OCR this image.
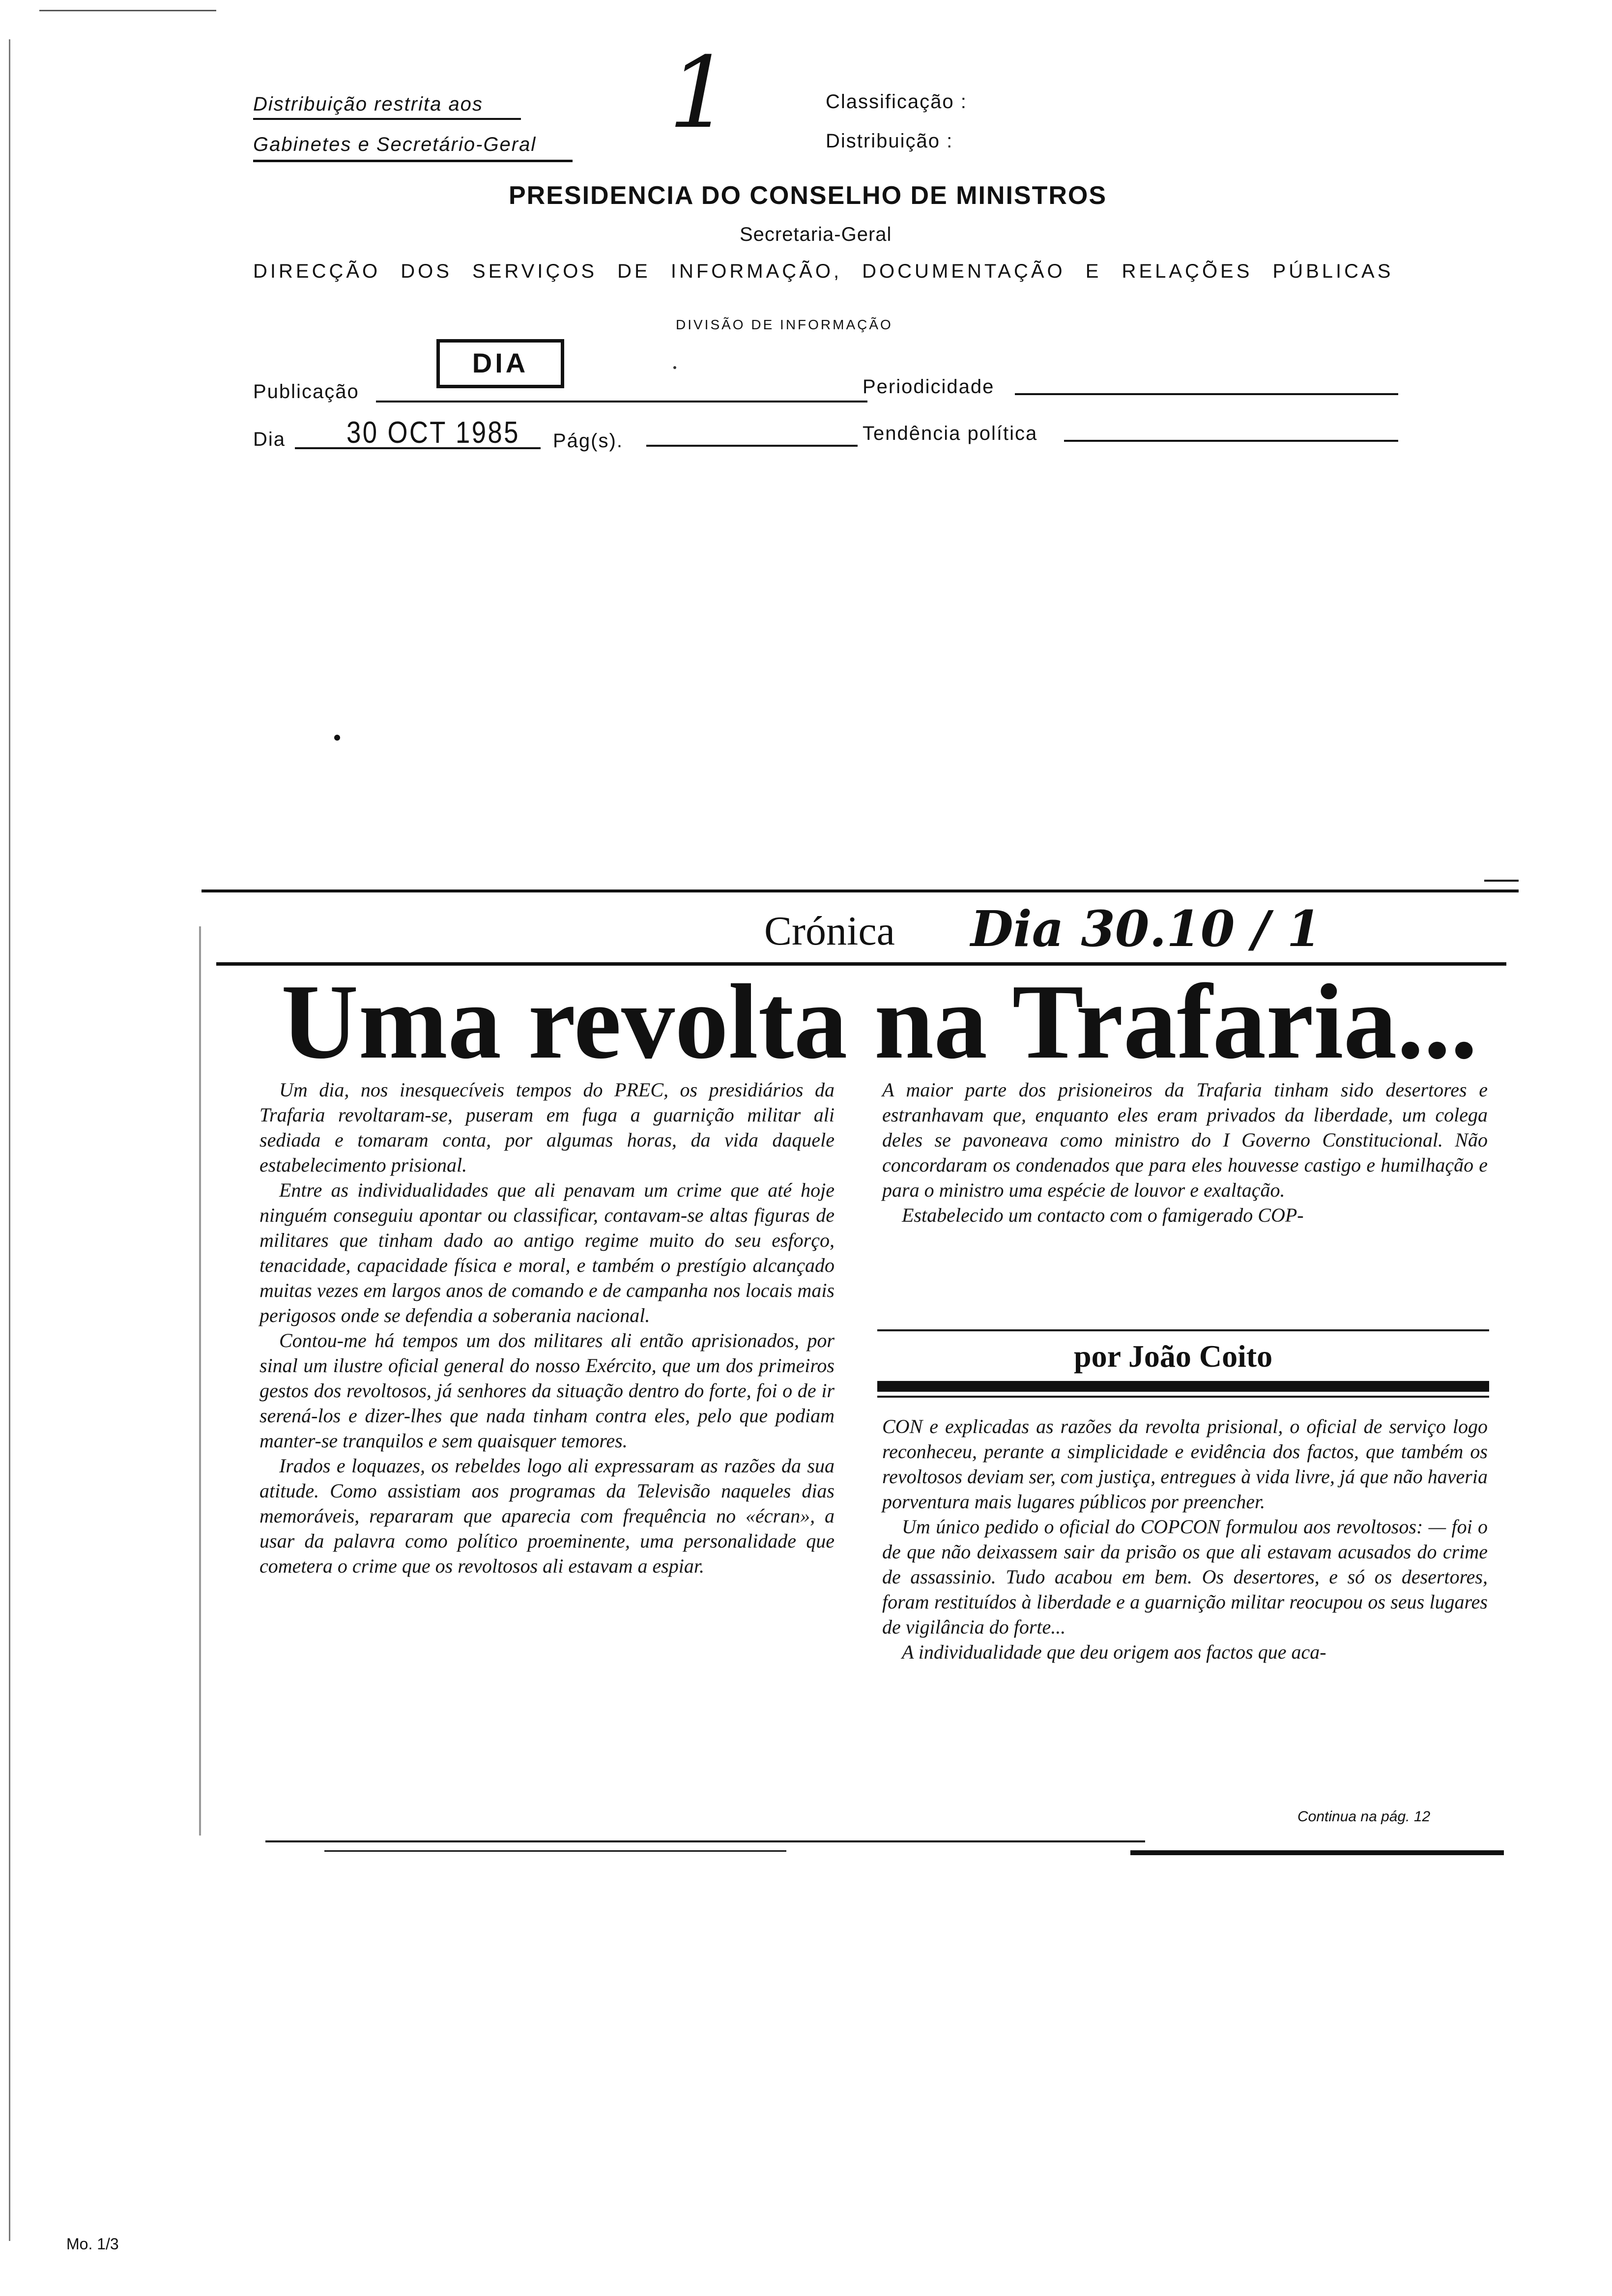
Distribuição restrita aos
Gabinetes e Secretário-Geral 1	Classificação :
Distribuição :
PRESIDENCIA DO CONSELHO DE MINISTROS
Secretaria-Geral
DIRECÇÃO DOS SERVIÇOS DE INFORMAÇÃO, DOCUMENTAÇÃO E RELAÇÕES PÚBLICAS
DIVISÃO DE INFORMAÇÃO
Publicação
DIA
Periodicidade
Dia 30 OCT 1985 Pág(s).	Tendência política
Crónica Dia 30.10 / 1
Uma revolta na Trafaria...

Um dia, nos inesquecíveis tempos do PREC, os presidiários da Trafaria revoltaram-se, puseram em fuga a guarnição militar ali sediada e tomaram conta, por algumas horas, da vida daquele estabelecimento prisional.

Entre as individualidades que ali penavam um crime que até hoje ninguém conseguiu apontar ou classificar, contavam-se altas figuras de militares que tinham dado ao antigo regime muito do seu esforço, tenacidade, capacidade física e moral, e também o prestígio alcançado muitas vezes em largos anos de comando e de campanha nos locais mais perigosos onde se defendia a soberania nacional.

Contou-me há tempos um dos militares ali então aprisionados, por sinal um ilustre oficial general do nosso Exército, que um dos primeiros gestos dos revoltosos, já senhores da situação dentro do forte, foi o de ir serená-los e dizer-lhes que nada tinham contra eles, pelo que podiam manter-se tranquilos e sem quaisquer temores.

Irados e loquazes, os rebeldes logo ali expressaram as razões da sua atitude. Como assistiam aos programas da Televisão naqueles dias memoráveis, repararam que aparecia com frequência no «écran», a usar da palavra como político proeminente, uma personalidade que cometera o crime que os revoltosos ali estavam a espiar.

A maior parte dos prisioneiros da Trafaria tinham sido desertores e estranhavam que, enquanto eles eram privados da liberdade, um colega deles se pavoneava como ministro do I Governo Constitucional. Não concordaram os condenados que para eles houvesse castigo e humilhação e para o ministro uma espécie de louvor e exaltação.

Estabelecido um contacto com o famigerado COP-

por João Coito

CON e explicadas as razões da revolta prisional, o oficial de serviço logo reconheceu, perante a simplicidade e evidência dos factos, que também os revoltosos deviam ser, com justiça, entregues à vida livre, já que não haveria porventura mais lugares públicos por preencher.

Um único pedido o oficial do COPCON formulou aos revoltosos: — foi o de que não deixassem sair da prisão os que ali estavam acusados do crime de assassinio. Tudo acabou em bem. Os desertores, e só os desertores, foram restituídos à liberdade e a guarnição militar reocupou os seus lugares de vigilância do forte...

A individualidade que deu origem aos factos que aca-

Continua na pág. 12
Mo. 1/3
